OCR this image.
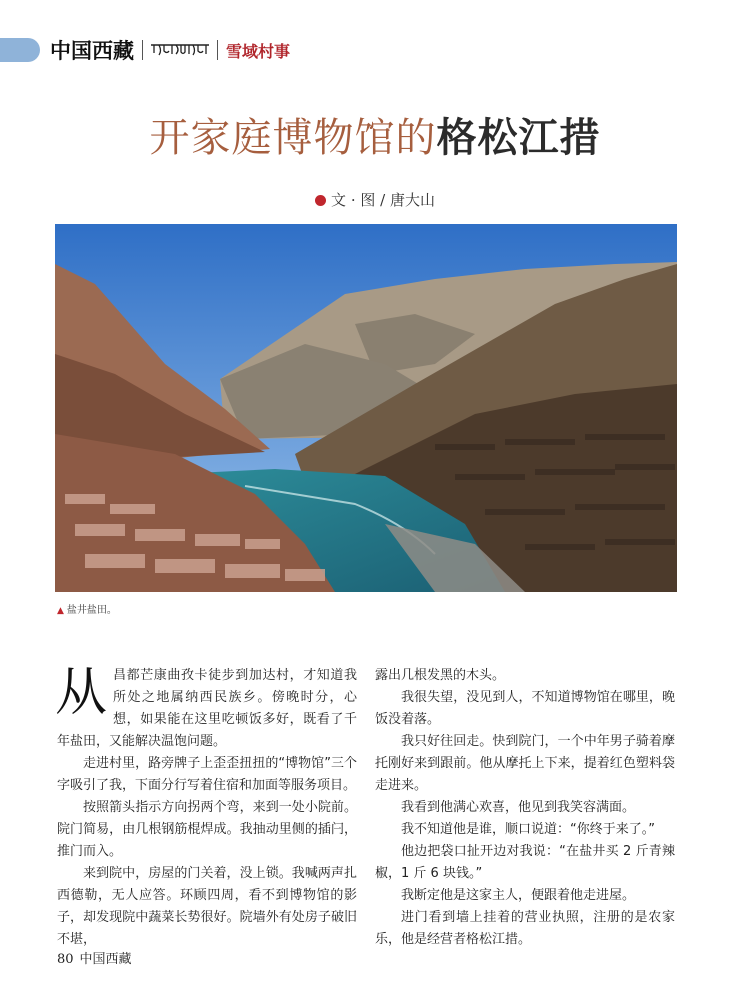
中国西藏	雪域村事
开家庭博物馆的格松江措
文 · 图 / 唐大山
▲ 盐井盐田。

从昌都芒康曲孜卡徒步到加达村，才知道我所处之地属纳西民族乡。傍晚时分，心想，如果能在这里吃顿饭多好，既看了千年盐田，又能解决温饱问题。

走进村里，路旁牌子上歪歪扭扭的“博物馆”三个字吸引了我，下面分行写着住宿和加面等服务项目。

按照箭头指示方向拐两个弯，来到一处小院前。院门简易，由几根钢筋棍焊成。我抽动里侧的插闩，推门而入。

来到院中，房屋的门关着，没上锁。我喊两声扎西德勒，无人应答。环顾四周，看不到博物馆的影子，却发现院中蔬菜长势很好。院墙外有处房子破旧不堪，

露出几根发黑的木头。

我很失望，没见到人，不知道博物馆在哪里，晚饭没着落。

我只好往回走。快到院门，一个中年男子骑着摩托刚好来到跟前。他从摩托上下来，提着红色塑料袋走进来。

我看到他满心欢喜，他见到我笑容满面。

我不知道他是谁，顺口说道：“你终于来了。”

他边把袋口扯开边对我说：“在盐井买 2 斤青辣椒，1 斤 6 块钱。”

我断定他是这家主人，便跟着他走进屋。

进门看到墙上挂着的营业执照，注册的是农家乐，他是经营者格松江措。

80 中国西藏
